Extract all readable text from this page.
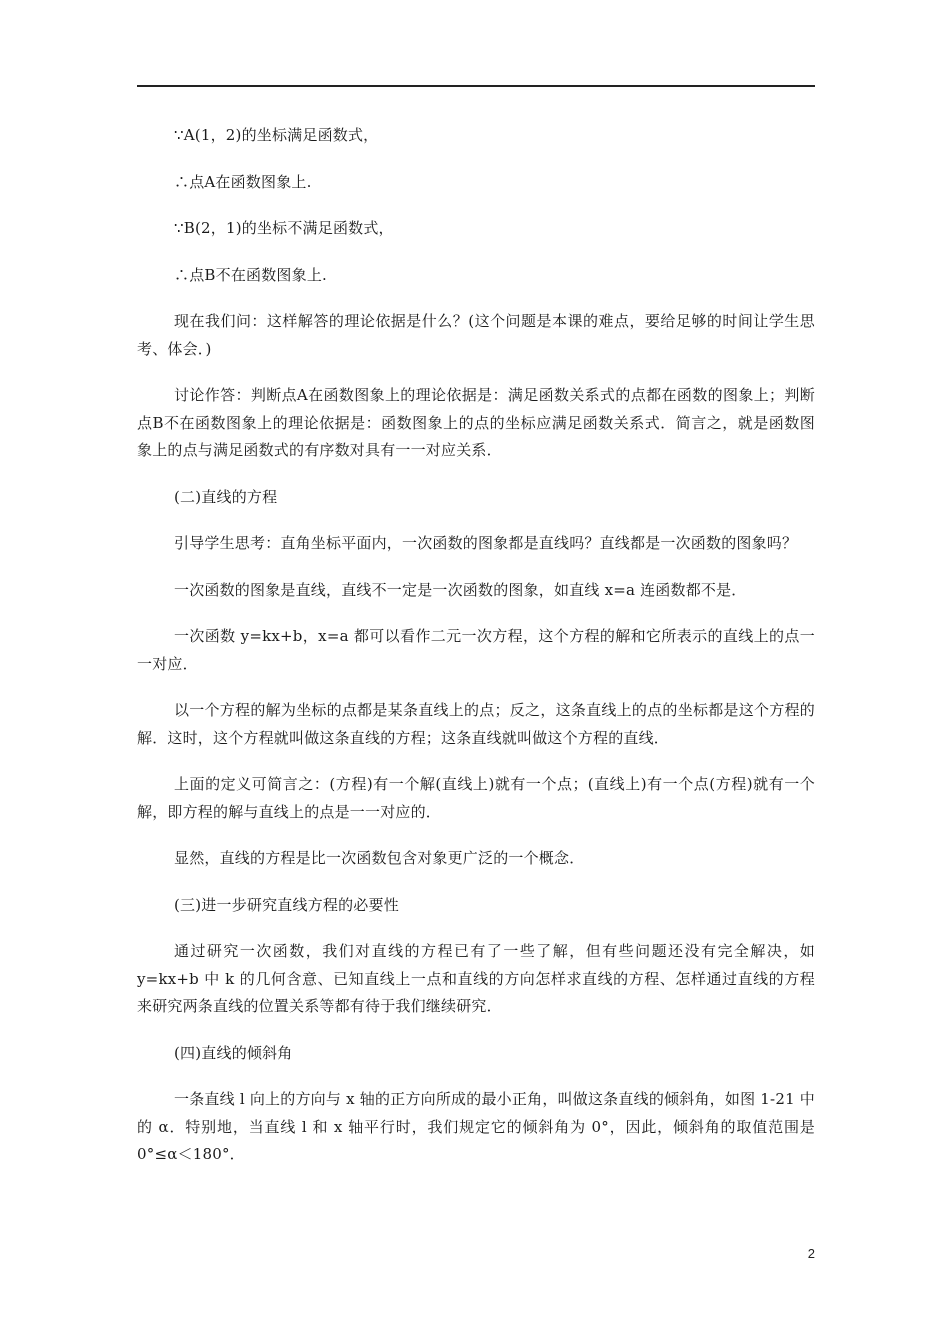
∵A(1，2)的坐标满足函数式，

∴点A在函数图象上.

∵B(2，1)的坐标不满足函数式，

∴点B不在函数图象上.

现在我们问：这样解答的理论依据是什么？(这个问题是本课的难点，要给足够的时间让学生思考、体会．)

讨论作答：判断点A在函数图象上的理论依据是：满足函数关系式的点都在函数的图象上；判断点B不在函数图象上的理论依据是：函数图象上的点的坐标应满足函数关系式．简言之，就是函数图象上的点与满足函数式的有序数对具有一一对应关系．

(二)直线的方程

引导学生思考：直角坐标平面内，一次函数的图象都是直线吗？直线都是一次函数的图象吗？

一次函数的图象是直线，直线不一定是一次函数的图象，如直线 x=a 连函数都不是．

一次函数 y=kx+b，x=a 都可以看作二元一次方程，这个方程的解和它所表示的直线上的点一一对应．

以一个方程的解为坐标的点都是某条直线上的点；反之，这条直线上的点的坐标都是这个方程的解．这时，这个方程就叫做这条直线的方程；这条直线就叫做这个方程的直线．

上面的定义可简言之：(方程)有一个解(直线上)就有一个点；(直线上)有一个点(方程)就有一个解，即方程的解与直线上的点是一一对应的．

显然，直线的方程是比一次函数包含对象更广泛的一个概念．

(三)进一步研究直线方程的必要性

通过研究一次函数，我们对直线的方程已有了一些了解，但有些问题还没有完全解决，如 y=kx+b 中 k 的几何含意、已知直线上一点和直线的方向怎样求直线的方程、怎样通过直线的方程来研究两条直线的位置关系等都有待于我们继续研究．

(四)直线的倾斜角

一条直线 l 向上的方向与 x 轴的正方向所成的最小正角，叫做这条直线的倾斜角，如图 1-21 中的 α．特别地，当直线 l 和 x 轴平行时，我们规定它的倾斜角为 0°，因此，倾斜角的取值范围是 0°≤α＜180°．

2
